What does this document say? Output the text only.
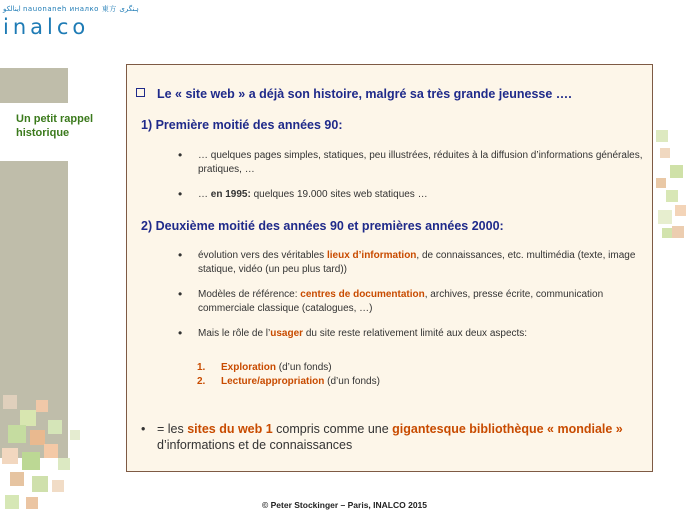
اینالکو nauonaneh иналко 東方 ہنگری
inalco
Un petit rappel
historique
Le « site web » a déjà son histoire, malgré sa très grande jeunesse ….
1) Première moitié des années 90:
• … quelques pages simples, statiques, peu illustrées, réduites à la diffusion d’informations générales, pratiques, …
• … en 1995: quelques 19.000 sites web statiques …
2) Deuxième moitié des années 90 et premières années 2000:
• évolution vers des véritables lieux d’information, de connaissances, etc. multimédia (texte, image statique, vidéo (un peu plus tard))
• Modèles de référence: centres de documentation, archives, presse écrite, communication commerciale classique (catalogues, …)
• Mais le rôle de l’usager du site reste relativement limité aux deux aspects:
1. Exploration (d’un fonds)
2. Lecture/appropriation (d’un fonds)
• = les sites du web 1 compris comme une gigantesque bibliothèque « mondiale » d’informations et de connaissances
© Peter Stockinger – Paris, INALCO 2015
